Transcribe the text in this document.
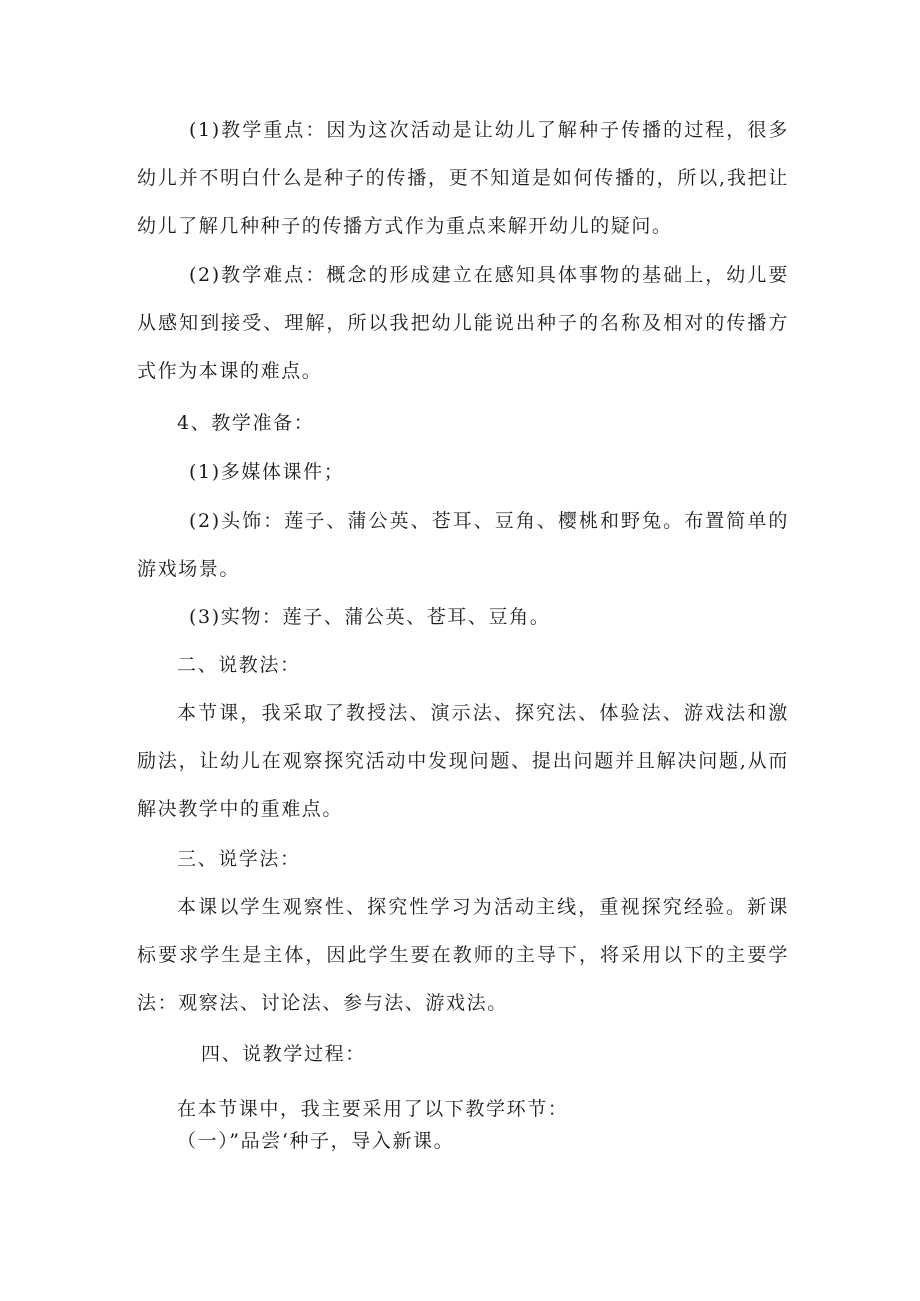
(1)教学重点：因为这次活动是让幼儿了解种子传播的过程，很多幼儿并不明白什么是种子的传播，更不知道是如何传播的，所以,我把让幼儿了解几种种子的传播方式作为重点来解开幼儿的疑问。

(2)教学难点：概念的形成建立在感知具体事物的基础上，幼儿要从感知到接受、理解，所以我把幼儿能说出种子的名称及相对的传播方式作为本课的难点。

4、教学准备：

(1)多媒体课件；

(2)头饰：莲子、蒲公英、苍耳、豆角、樱桃和野兔。布置简单的游戏场景。

(3)实物：莲子、蒲公英、苍耳、豆角。

二、说教法：

本节课，我采取了教授法、演示法、探究法、体验法、游戏法和激励法，让幼儿在观察探究活动中发现问题、提出问题并且解决问题,从而解决教学中的重难点。

三、说学法：

本课以学生观察性、探究性学习为活动主线，重视探究经验。新课标要求学生是主体，因此学生要在教师的主导下，将采用以下的主要学法：观察法、讨论法、参与法、游戏法。

四、说教学过程：

在本节课中，我主要采用了以下教学环节：

（一）”品尝‘种子，导入新课。
